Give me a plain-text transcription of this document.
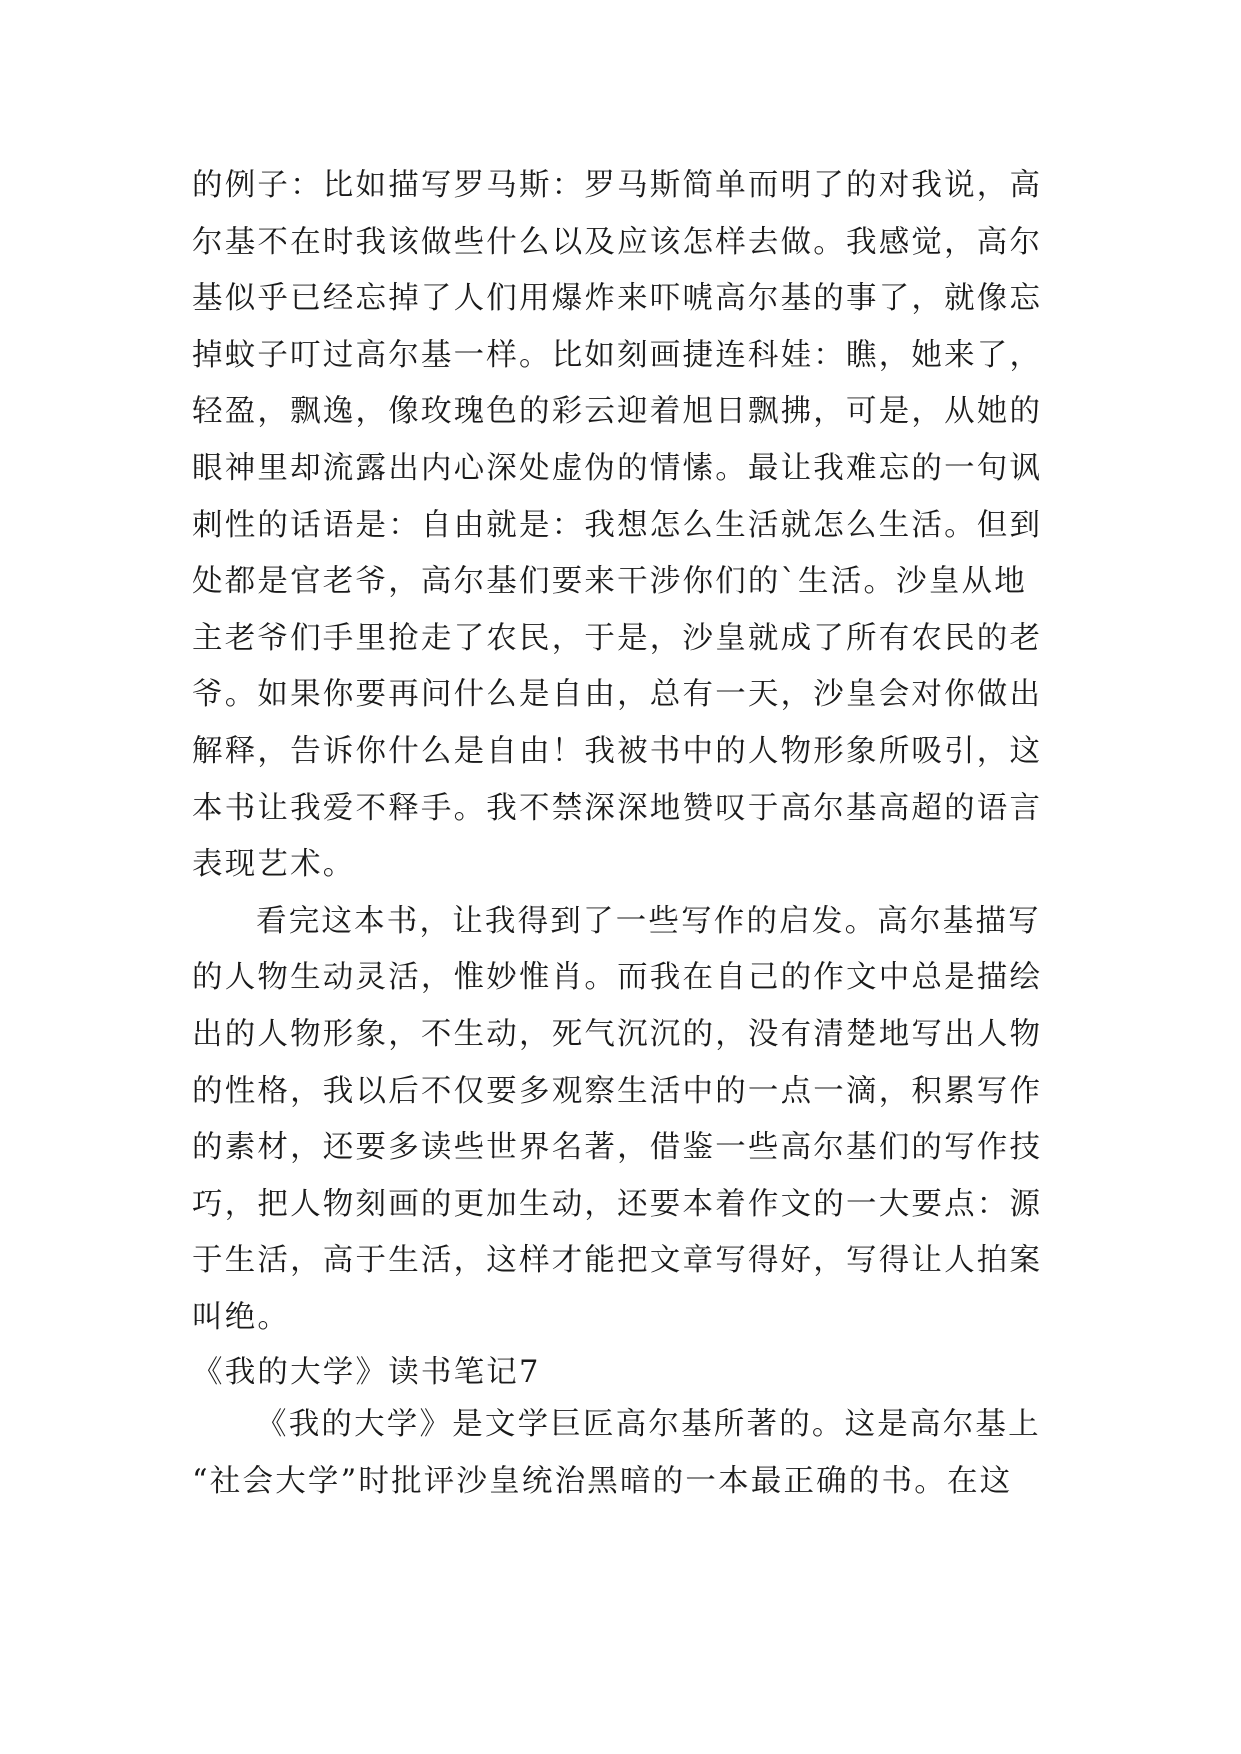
的例子：比如描写罗马斯：罗马斯简单而明了的对我说，高
尔基不在时我该做些什么以及应该怎样去做。我感觉，高尔
基似乎已经忘掉了人们用爆炸来吓唬高尔基的事了，就像忘
掉蚊子叮过高尔基一样。比如刻画捷连科娃：瞧，她来了，
轻盈，飘逸，像玫瑰色的彩云迎着旭日飘拂，可是，从她的
眼神里却流露出内心深处虚伪的情愫。最让我难忘的一句讽
刺性的话语是：自由就是：我想怎么生活就怎么生活。但到
处都是官老爷，高尔基们要来干涉你们的`生活。沙皇从地
主老爷们手里抢走了农民，于是，沙皇就成了所有农民的老
爷。如果你要再问什么是自由，总有一天，沙皇会对你做出
解释，告诉你什么是自由！我被书中的人物形象所吸引，这
本书让我爱不释手。我不禁深深地赞叹于高尔基高超的语言
表现艺术。
看完这本书，让我得到了一些写作的启发。高尔基描写
的人物生动灵活，惟妙惟肖。而我在自己的作文中总是描绘
出的人物形象，不生动，死气沉沉的，没有清楚地写出人物
的性格，我以后不仅要多观察生活中的一点一滴，积累写作
的素材，还要多读些世界名著，借鉴一些高尔基们的写作技
巧，把人物刻画的更加生动，还要本着作文的一大要点：源
于生活，高于生活，这样才能把文章写得好，写得让人拍案
叫绝。
《我的大学》读书笔记7
《我的大学》是文学巨匠高尔基所著的。这是高尔基上
“社会大学”时批评沙皇统治黑暗的一本最正确的书。在这
